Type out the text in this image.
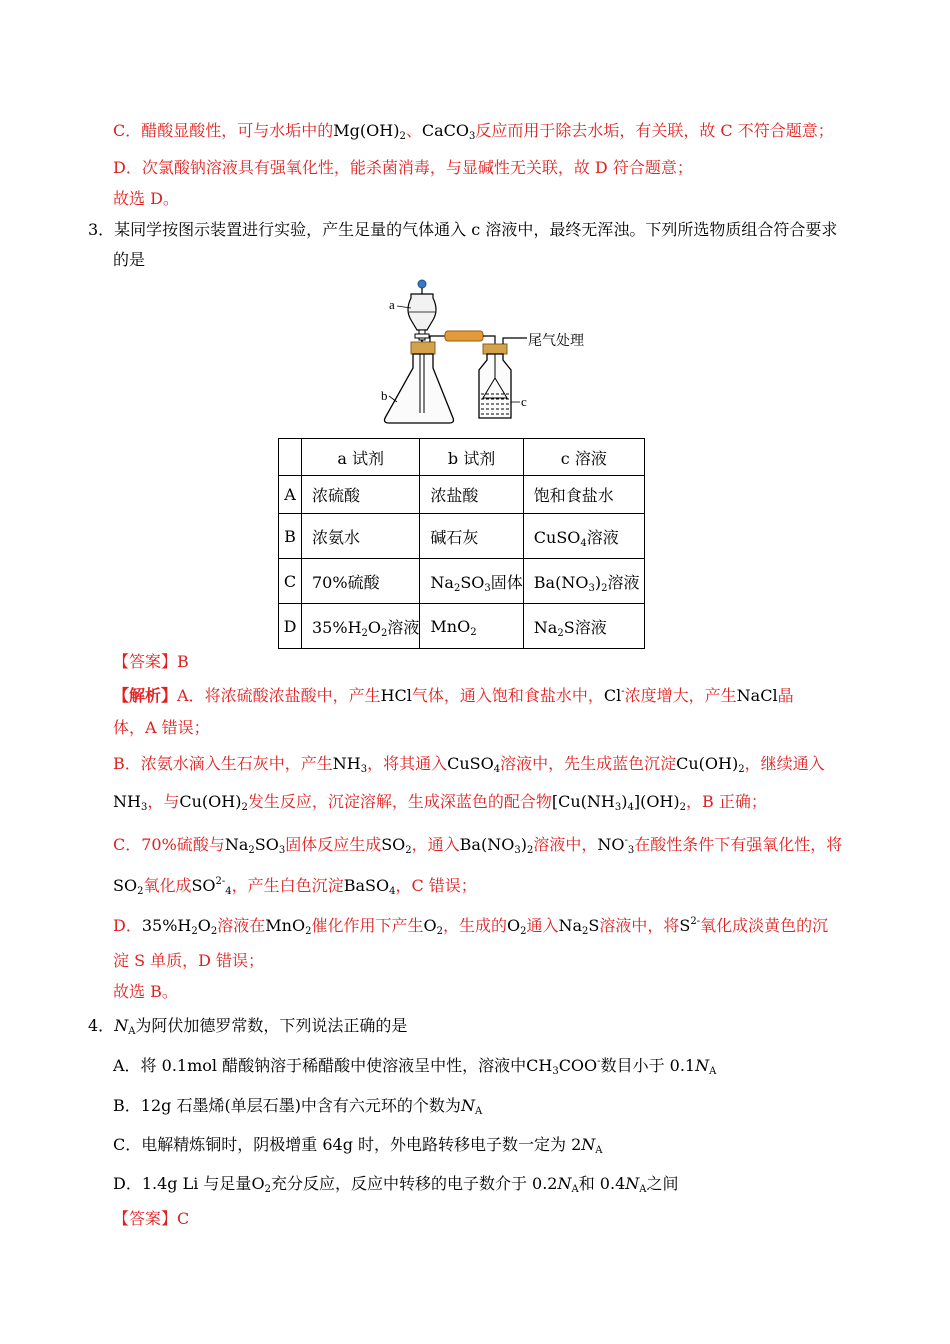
C．醋酸显酸性，可与水垢中的$Mg(OH)_2$、CaCO$_3$反应而用于除去水垢，有关联，故 C 不符合题意；
D．次氯酸钠溶液具有强氧化性，能杀菌消毒，与显碱性无关联，故 D 符合题意；
故选 D。
3．某同学按图示装置进行实验，产生足量的气体通入 c 溶液中，最终无浑浊。下列所选物质组合符合要求
的是
a
b	c
尾气处理
	a 试剂	b 试剂	c 溶液
A	浓硫酸	浓盐酸	饱和食盐水
B	浓氨水	碱石灰	CuSO$_4$溶液
C	70%硫酸	$Na_2SO_3$固体	$Ba(NO_3)_2$溶液
D	$35\%H_2O_2$溶液	MnO$_2$	$Na_2S$溶液
【答案】B
【解析】A．将浓硫酸浓盐酸中，产生HCl气体，通入饱和食盐水中，Cl-浓度增大，产生NaCl晶
体，A 错误；
B．浓氨水滴入生石灰中，产生$NH_3$，将其通入CuSO$_4$溶液中，先生成蓝色沉淀$Cu(OH)_2$，继续通入
$NH_3$，与$Cu(OH)_2$发生反应，沉淀溶解，生成深蓝色的配合物$[Cu(NH_3)_4](OH)_2$，B 正确；
C．70%硫酸与$Na_2SO_3$固体反应生成$SO_2$，通入$Ba(NO_3)_2$溶液中，$NO^-_3$在酸性条件下有强氧化性，将
$SO_2$氧化成$SO^{2-}_4$，产生白色沉淀BaSO$_4$，C 错误；
D．$35\%H_2O_2$溶液在MnO$_2$催化作用下产生$O_2$，生成的$O_2$通入$Na_2S$溶液中，将$S^{2-}$氧化成淡黄色的沉
淀 S 单质，D 错误；
故选 B。
4．$N_A$为阿伏加德罗常数，下列说法正确的是
A．将 0.1mol 醋酸钠溶于稀醋酸中使溶液呈中性，溶液中$CH_3COO^-$数目小于 $0.1N_A$
B．12g 石墨烯(单层石墨)中含有六元环的个数为$N_A$
C．电解精炼铜时，阴极增重 64g 时，外电路转移电子数一定为 $2N_A$
D．1.4g Li 与足量$O_2$充分反应，反应中转移的电子数介于 $0.2N_A$和 $0.4N_A$之间
【答案】C
